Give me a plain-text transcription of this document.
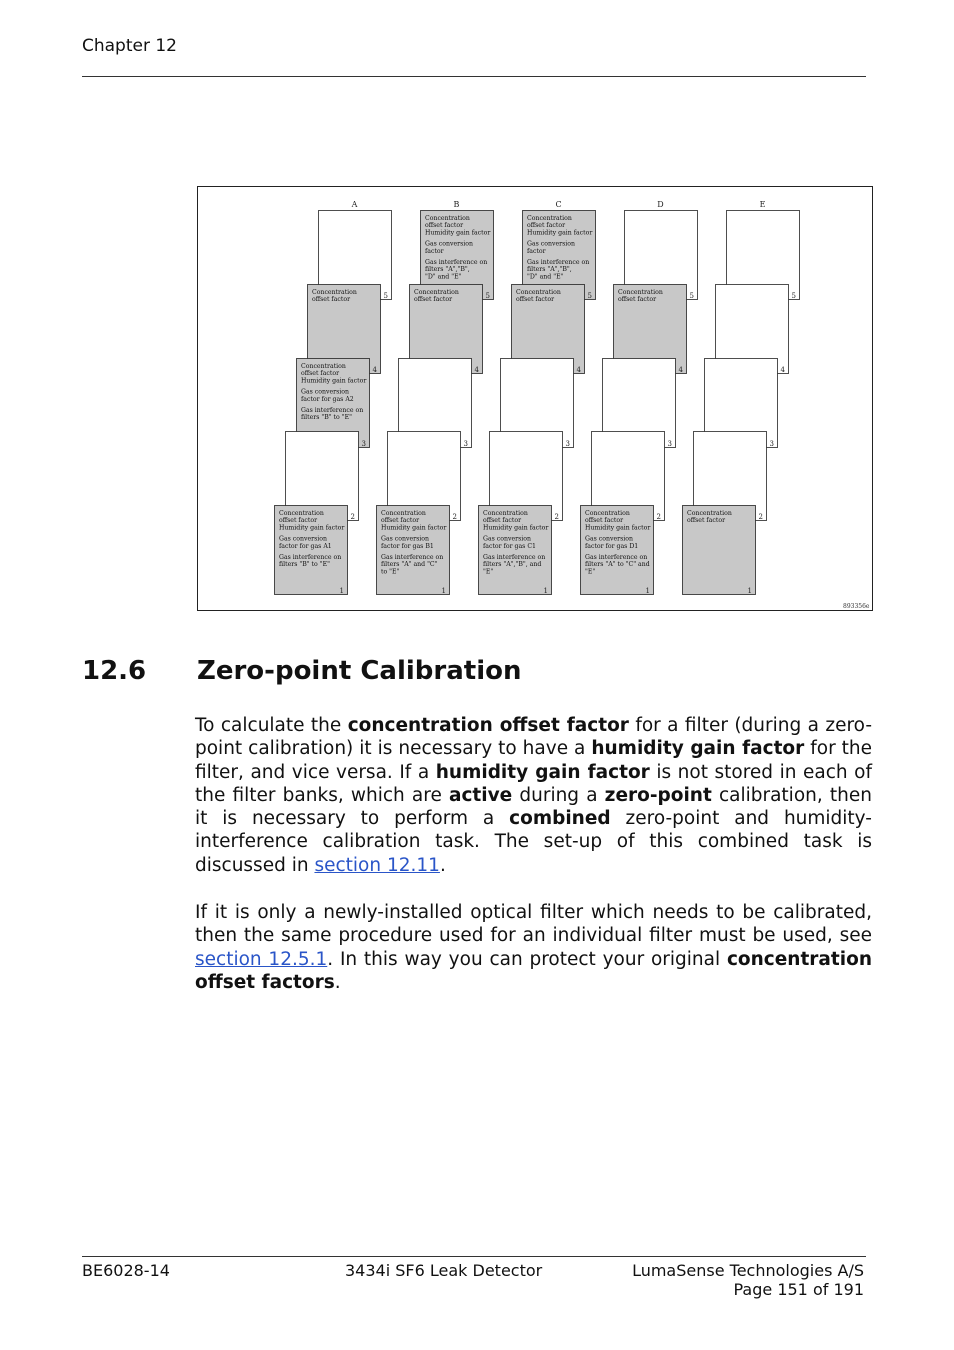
Chapter 12
A
5
4
Concentration
offset factor
3
Concentration
offset factor
Humidity gain factor
Gas conversion
factor for gas A2
Gas interference on
filters "B" to "E"
2
1
Concentration
offset factor
Humidity gain factor
Gas conversion
factor for gas A1
Gas interference on
filters "B" to "E"
B
5
Concentration
offset factor
Humidity gain factor
Gas conversion
factor
Gas interference on
filters "A","B",
"D" and "E"
4
Concentration
offset factor
3
2
1
Concentration
offset factor
Humidity gain factor
Gas conversion
factor for gas B1
Gas interference on
filters "A" and "C"
to "E"
C
5
Concentration
offset factor
Humidity gain factor
Gas conversion
factor
Gas interference on
filters "A","B",
"D" and "E"
4
Concentration
offset factor
3
2
1
Concentration
offset factor
Humidity gain factor
Gas conversion
factor for gas C1
Gas interference on
filters "A","B", and
"E"
D
5
4
Concentration
offset factor
3
2
1
Concentration
offset factor
Humidity gain factor
Gas conversion
factor for gas D1
Gas interference on
filters "A" to "C" and
"E"
E
5
4
3
2
1
Concentration
offset factor
893356e
12.6 Zero-point Calibration
To calculate the concentration offset factor for a filter (during a zero-point calibration) it is necessary to have a humidity gain factor for the filter, and vice versa. If a humidity gain factor is not stored in each of the filter banks, which are active during a zero-point calibration, then it is necessary to perform a combined zero-point and humidity-interference calibration task. The set-up of this combined task is discussed in section 12.11.
If it is only a newly-installed optical filter which needs to be calibrated, then the same procedure used for an individual filter must be used, see section 12.5.1. In this way you can protect your original concentration offset factors.
BE6028-14	3434i SF6 Leak Detector	LumaSense Technologies A/S
Page 151 of 191
